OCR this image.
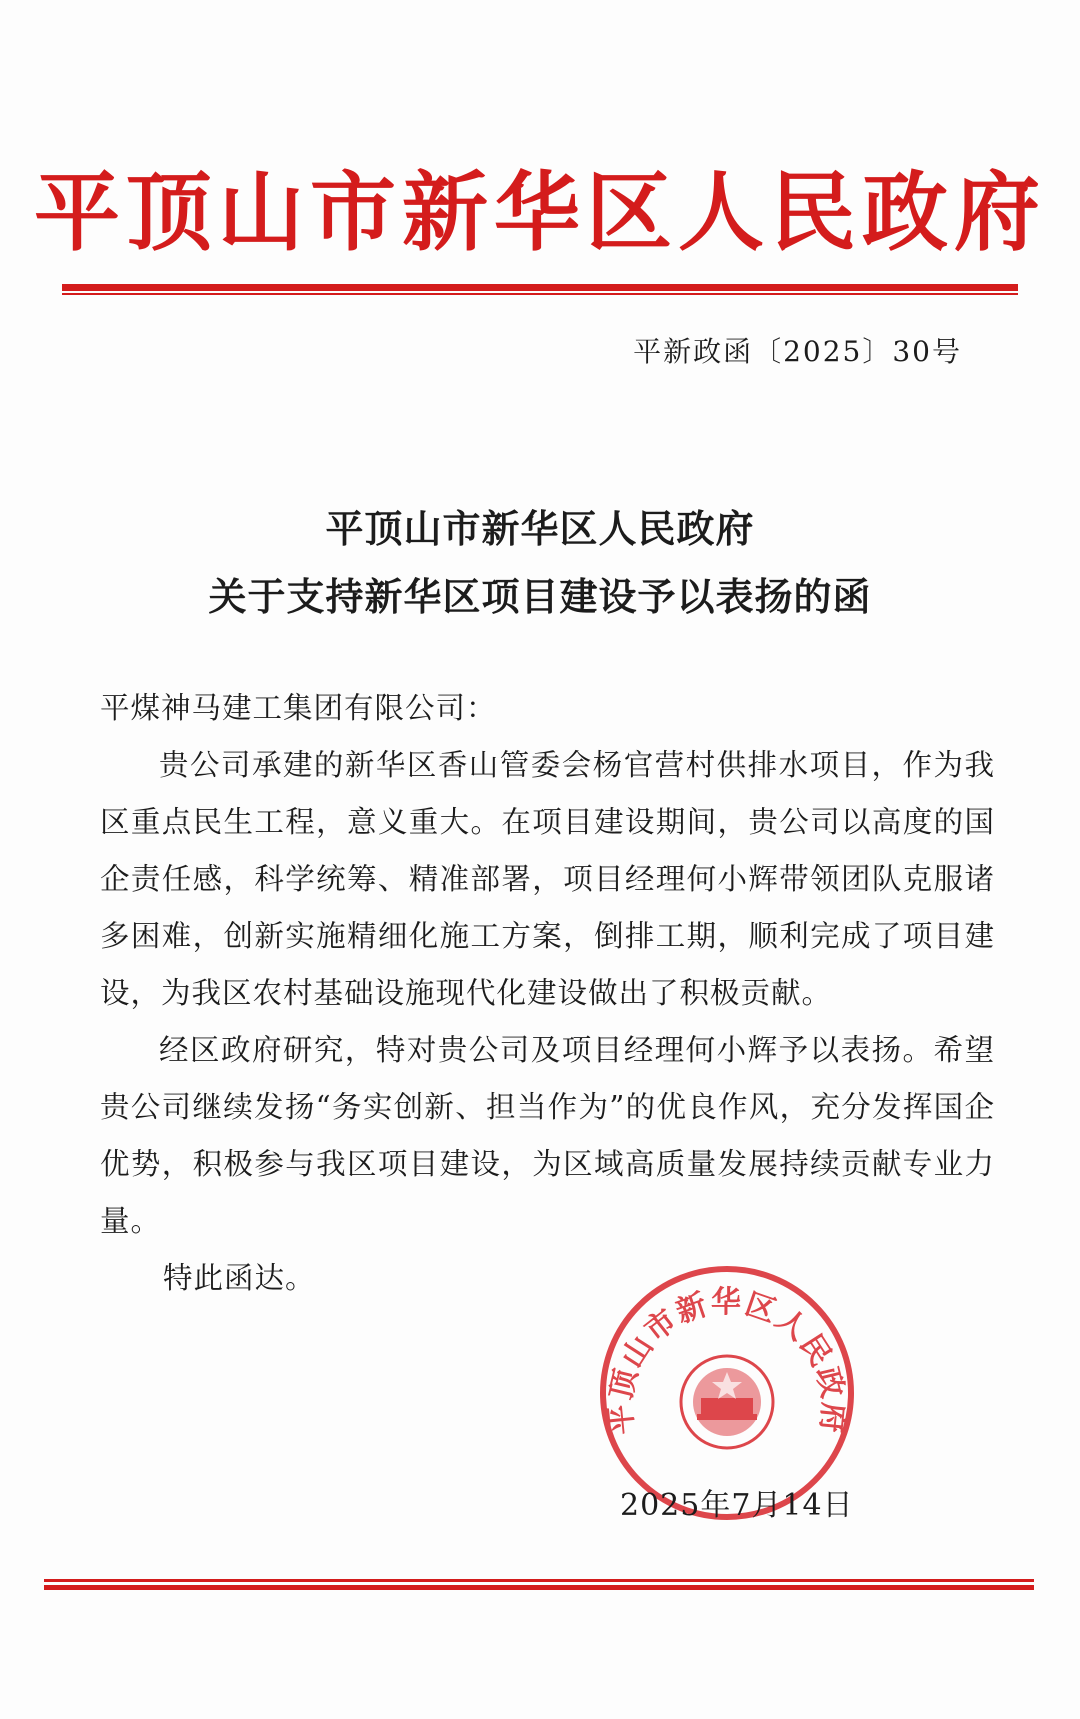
平顶山市新华区人民政府
平新政函〔2025〕30号
平顶山市新华区人民政府
关于支持新华区项目建设予以表扬的函

平煤神马建工集团有限公司：

贵公司承建的新华区香山管委会杨官营村供排水项目，作为我区重点民生工程，意义重大。在项目建设期间，贵公司以高度的国企责任感，科学统筹、精准部署，项目经理何小辉带领团队克服诸多困难，创新实施精细化施工方案，倒排工期，顺利完成了项目建设，为我区农村基础设施现代化建设做出了积极贡献。

经区政府研究，特对贵公司及项目经理何小辉予以表扬。希望贵公司继续发扬“务实创新、担当作为”的优良作风，充分发挥国企优势，积极参与我区项目建设，为区域高质量发展持续贡献专业力量。

特此函达。
平顶山市新华区人民政府
2025年7月14日
